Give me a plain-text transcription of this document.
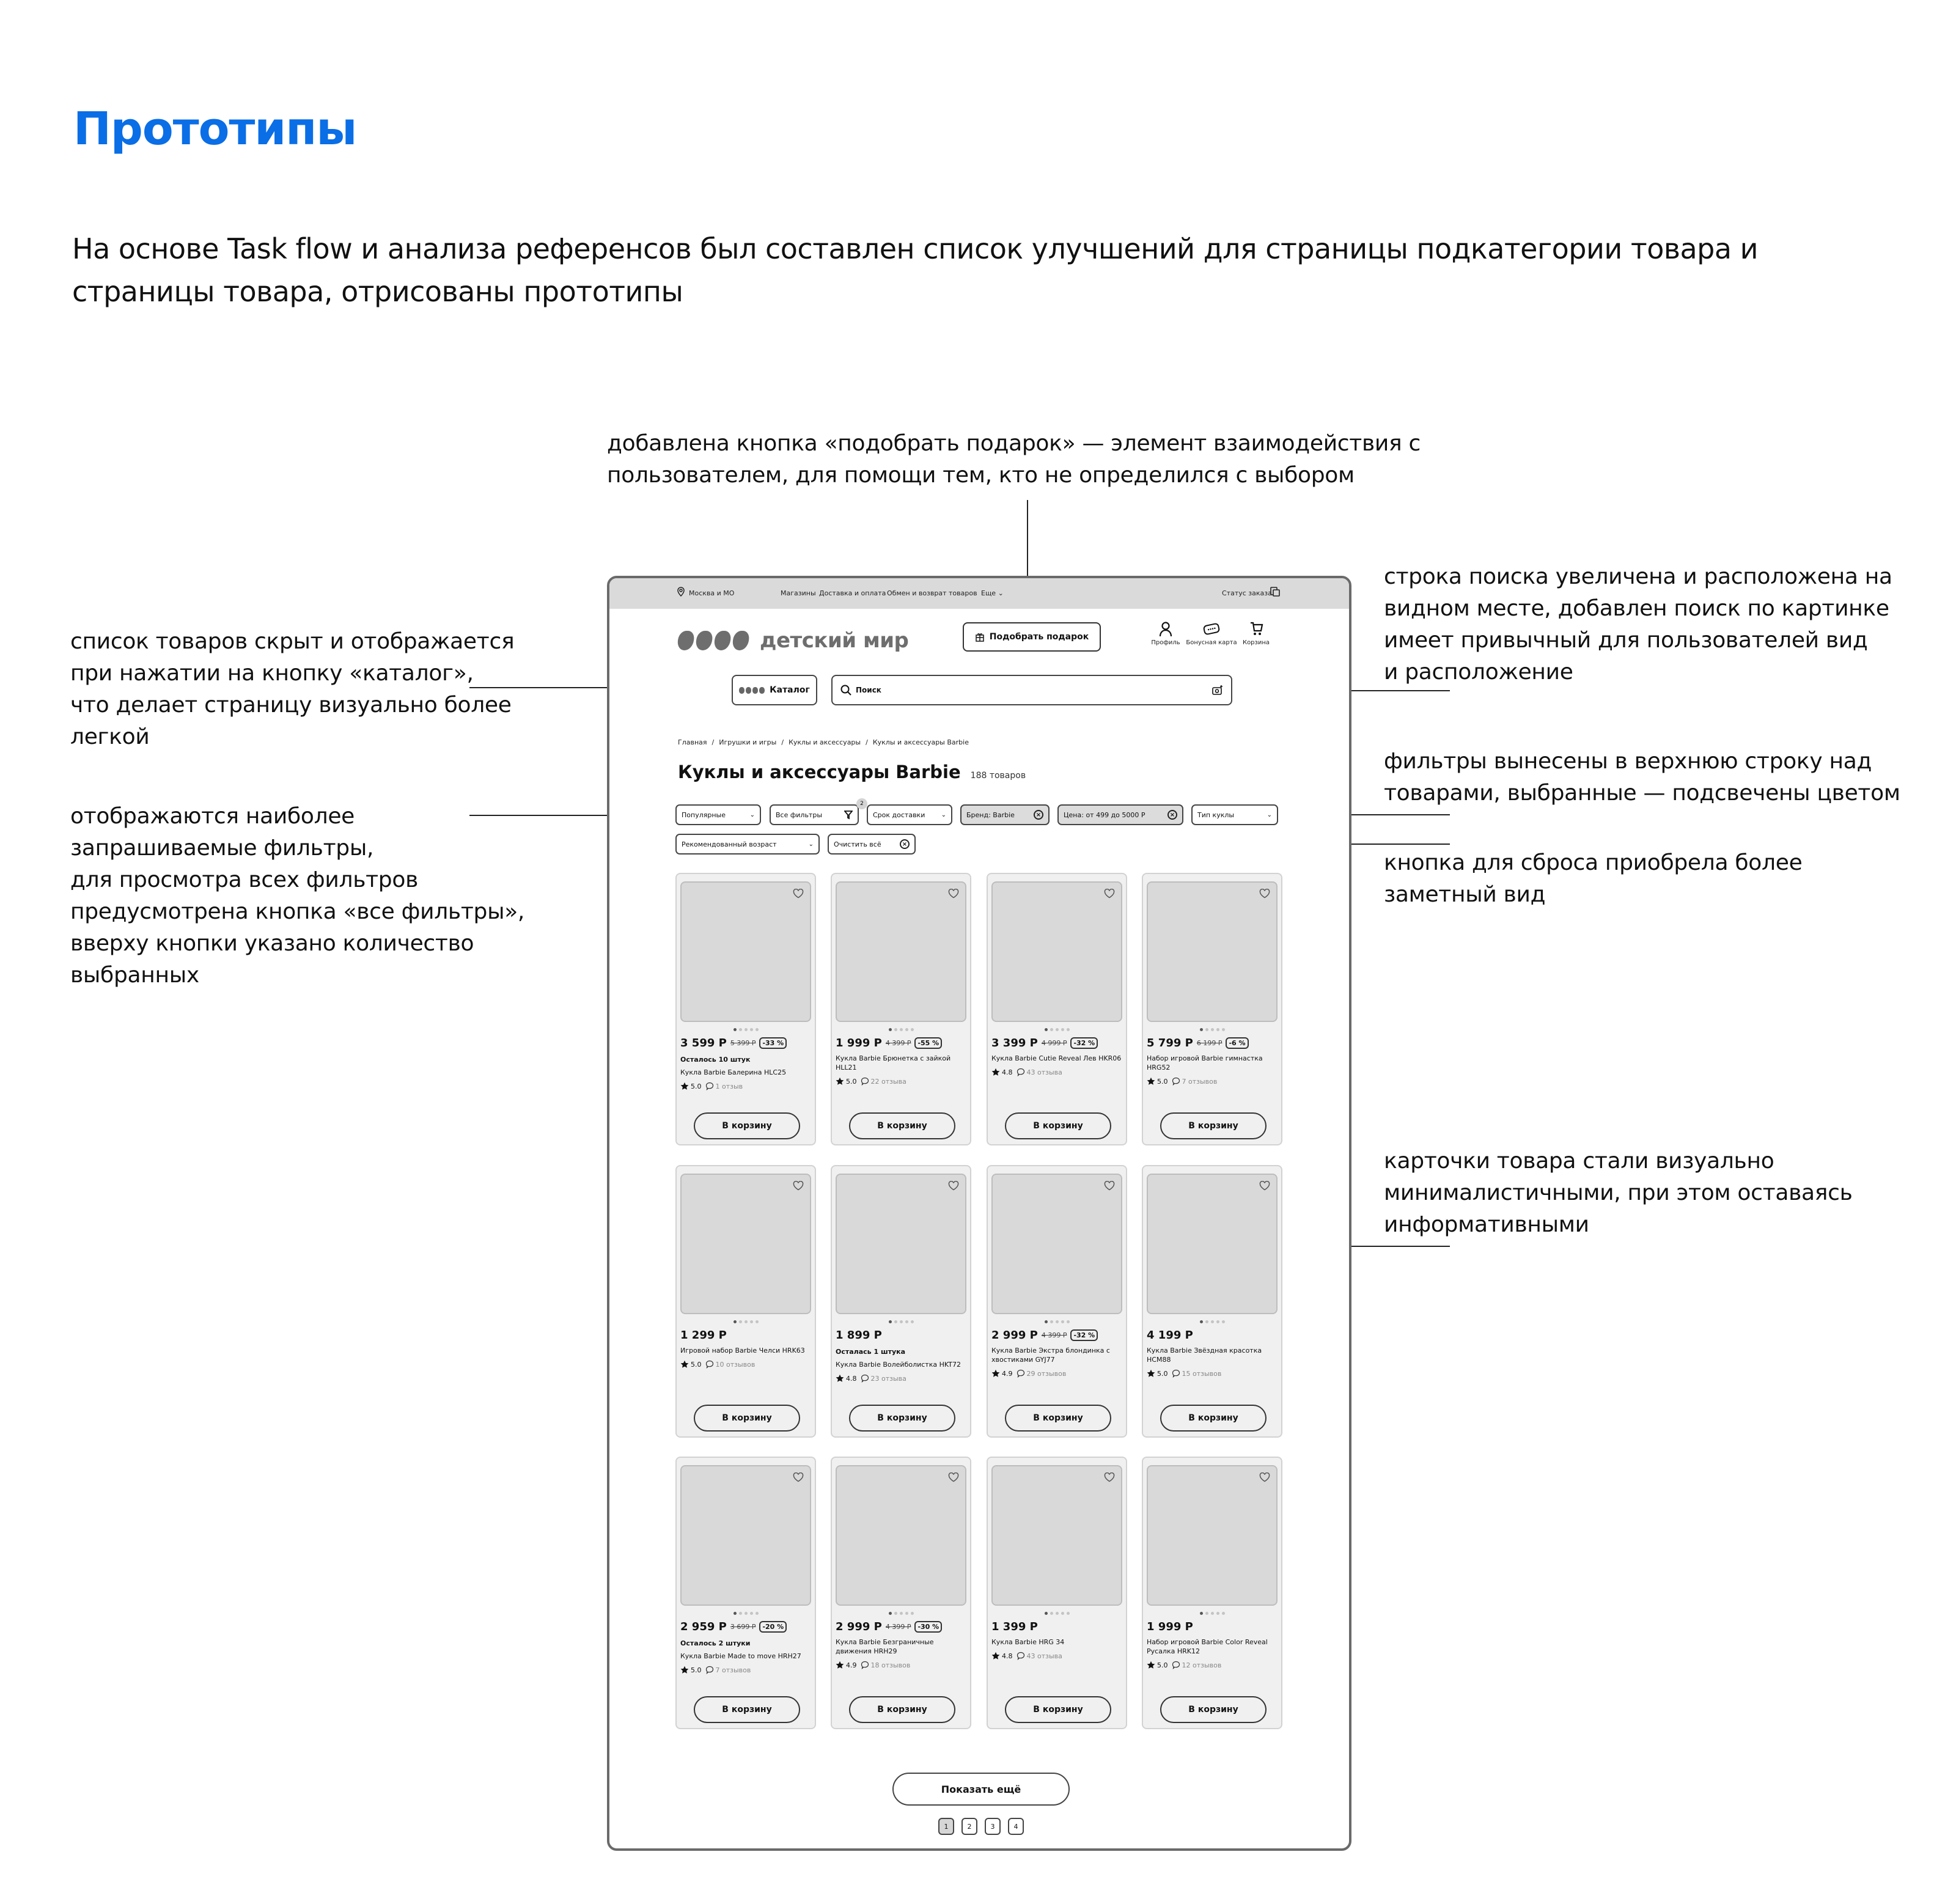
Прототипы
На основе Task flow и анализа референсов был составлен список улучшений для страницы подкатегории товара и страницы товара, отрисованы прототипы
добавлена кнопка «подобрать подарок» — элемент взаимодействия с
пользователем, для помощи тем, кто не определился с выбором
список товаров скрыт и отображается
при нажатии на кнопку «каталог»,
что делает страницу визуально более
легкой
отображаются наиболее
запрашиваемые фильтры,
для просмотра всех фильтров
предусмотрена кнопка «все фильтры»,
вверху кнопки указано количество
выбранных
строка поиска увеличена и расположена на
видном месте, добавлен поиск по картинке
имеет привычный для пользователей вид
и расположение
фильтры вынесены в верхнюю строку над
товарами, выбранные — подсвечены цветом
кнопка для сброса приобрела более
заметный вид
карточки товара стали визуально
минималистичными, при этом оставаясь
информативными
Москва и МО	Магазины Доставка и оплата Обмен и возврат товаров Еще ⌄	Статус заказа
детский мир	Подобрать подарок
Профиль Бонусная карта Корзина
Каталог	Поиск
Главная / Игрушки и игры / Куклы и аксессуары / Куклы и аксессуары Barbie
Куклы и аксессуары Barbie 188 товаров
Популярные	⌄	Все фильтры
2
Срок доставки	⌄	Бренд: Barbie	×	Цена: от 499 до 5000 Р	×	Тип куклы	⌄
Рекомендованный возраст	⌄	Очистить всё	×
3 599 Р 5 399 Р	-33 %
Осталось 10 штук
Кукла Barbie Балерина HLC25
5.0 1 отзыв
В корзину
1 999 Р 4 399 Р	-55 %
Кукла Barbie Брюнетка с зайкой HLL21
5.0 22 отзыва
В корзину
3 399 Р 4 999 Р	-32 %
Кукла Barbie Cutie Reveal Лев HKR06
4.8 43 отзыва
В корзину
5 799 Р 6 199 Р	-6 %
Набор игровой Barbie гимнастка HRG52
5.0 7 отзывов
В корзину
1 299 Р
Игровой набор Barbie Челси HRK63
5.0 10 отзывов
В корзину
1 899 Р
Осталась 1 штука
Кукла Barbie Волейболистка HKT72
4.8 23 отзыва
В корзину
2 999 Р 4 399 Р	-32 %
Кукла Barbie Экстра блондинка с хвостиками GYJ77
4.9 29 отзывов
В корзину
4 199 Р
Кукла Barbie Звёздная красотка HCM88
5.0 15 отзывов
В корзину
2 959 Р 3 699 Р	-20 %
Осталось 2 штуки
Кукла Barbie Made to move HRH27
5.0 7 отзывов
В корзину
2 999 Р 4 399 Р	-30 %
Кукла Barbie Безграничные движения HRH29
4.9 18 отзывов
В корзину
1 399 Р
Кукла Barbie HRG 34
4.8 43 отзыва
В корзину
1 999 Р
Набор игровой Barbie Color Reveal Русалка HRK12
5.0 12 отзывов
В корзину
Показать ещё
1	2	3	4
